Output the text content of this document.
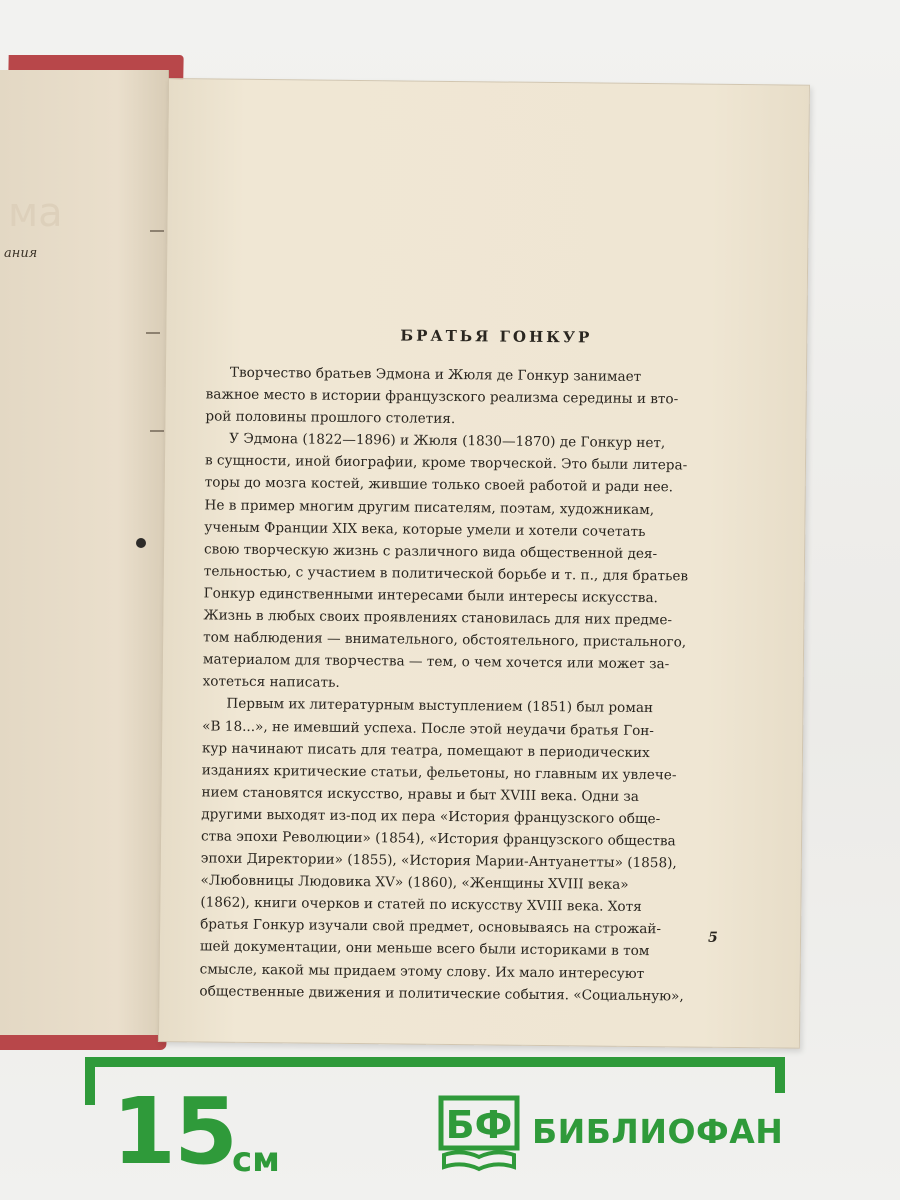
ма
ания
БРАТЬЯ ГОНКУР
Творчество братьев Эдмона и Жюля де Гонкур занимает
важное место в истории французского реализма середины и вто-
рой половины прошлого столетия.
У Эдмона (1822—1896) и Жюля (1830—1870) де Гонкур нет,
в сущности, иной биографии, кроме творческой. Это были литера-
торы до мозга костей, жившие только своей работой и ради нее.
Не в пример многим другим писателям, поэтам, художникам,
ученым Франции XIX века, которые умели и хотели сочетать
свою творческую жизнь с различного вида общественной дея-
тельностью, с участием в политической борьбе и т. п., для братьев
Гонкур единственными интересами были интересы искусства.
Жизнь в любых своих проявлениях становилась для них предме-
том наблюдения — внимательного, обстоятельного, пристального,
материалом для творчества — тем, о чем хочется или может за-
хотеться написать.
Первым их литературным выступлением (1851) был роман
«В 18...», не имевший успеха. После этой неудачи братья Гон-
кур начинают писать для театра, помещают в периодических
изданиях критические статьи, фельетоны, но главным их увлече-
нием становятся искусство, нравы и быт XVIII века. Одни за
другими выходят из-под их пера «История французского обще-
ства эпохи Революции» (1854), «История французского общества
эпохи Директории» (1855), «История Марии-Антуанетты» (1858),
«Любовницы Людовика XV» (1860), «Женщины XVIII века»
(1862), книги очерков и статей по искусству XVIII века. Хотя
братья Гонкур изучали свой предмет, основываясь на строжай-
шей документации, они меньше всего были историками в том
смысле, какой мы придаем этому слову. Их мало интересуют
общественные движения и политические события. «Социальную»,
5
15
см
БФ БИБЛИОФАН
